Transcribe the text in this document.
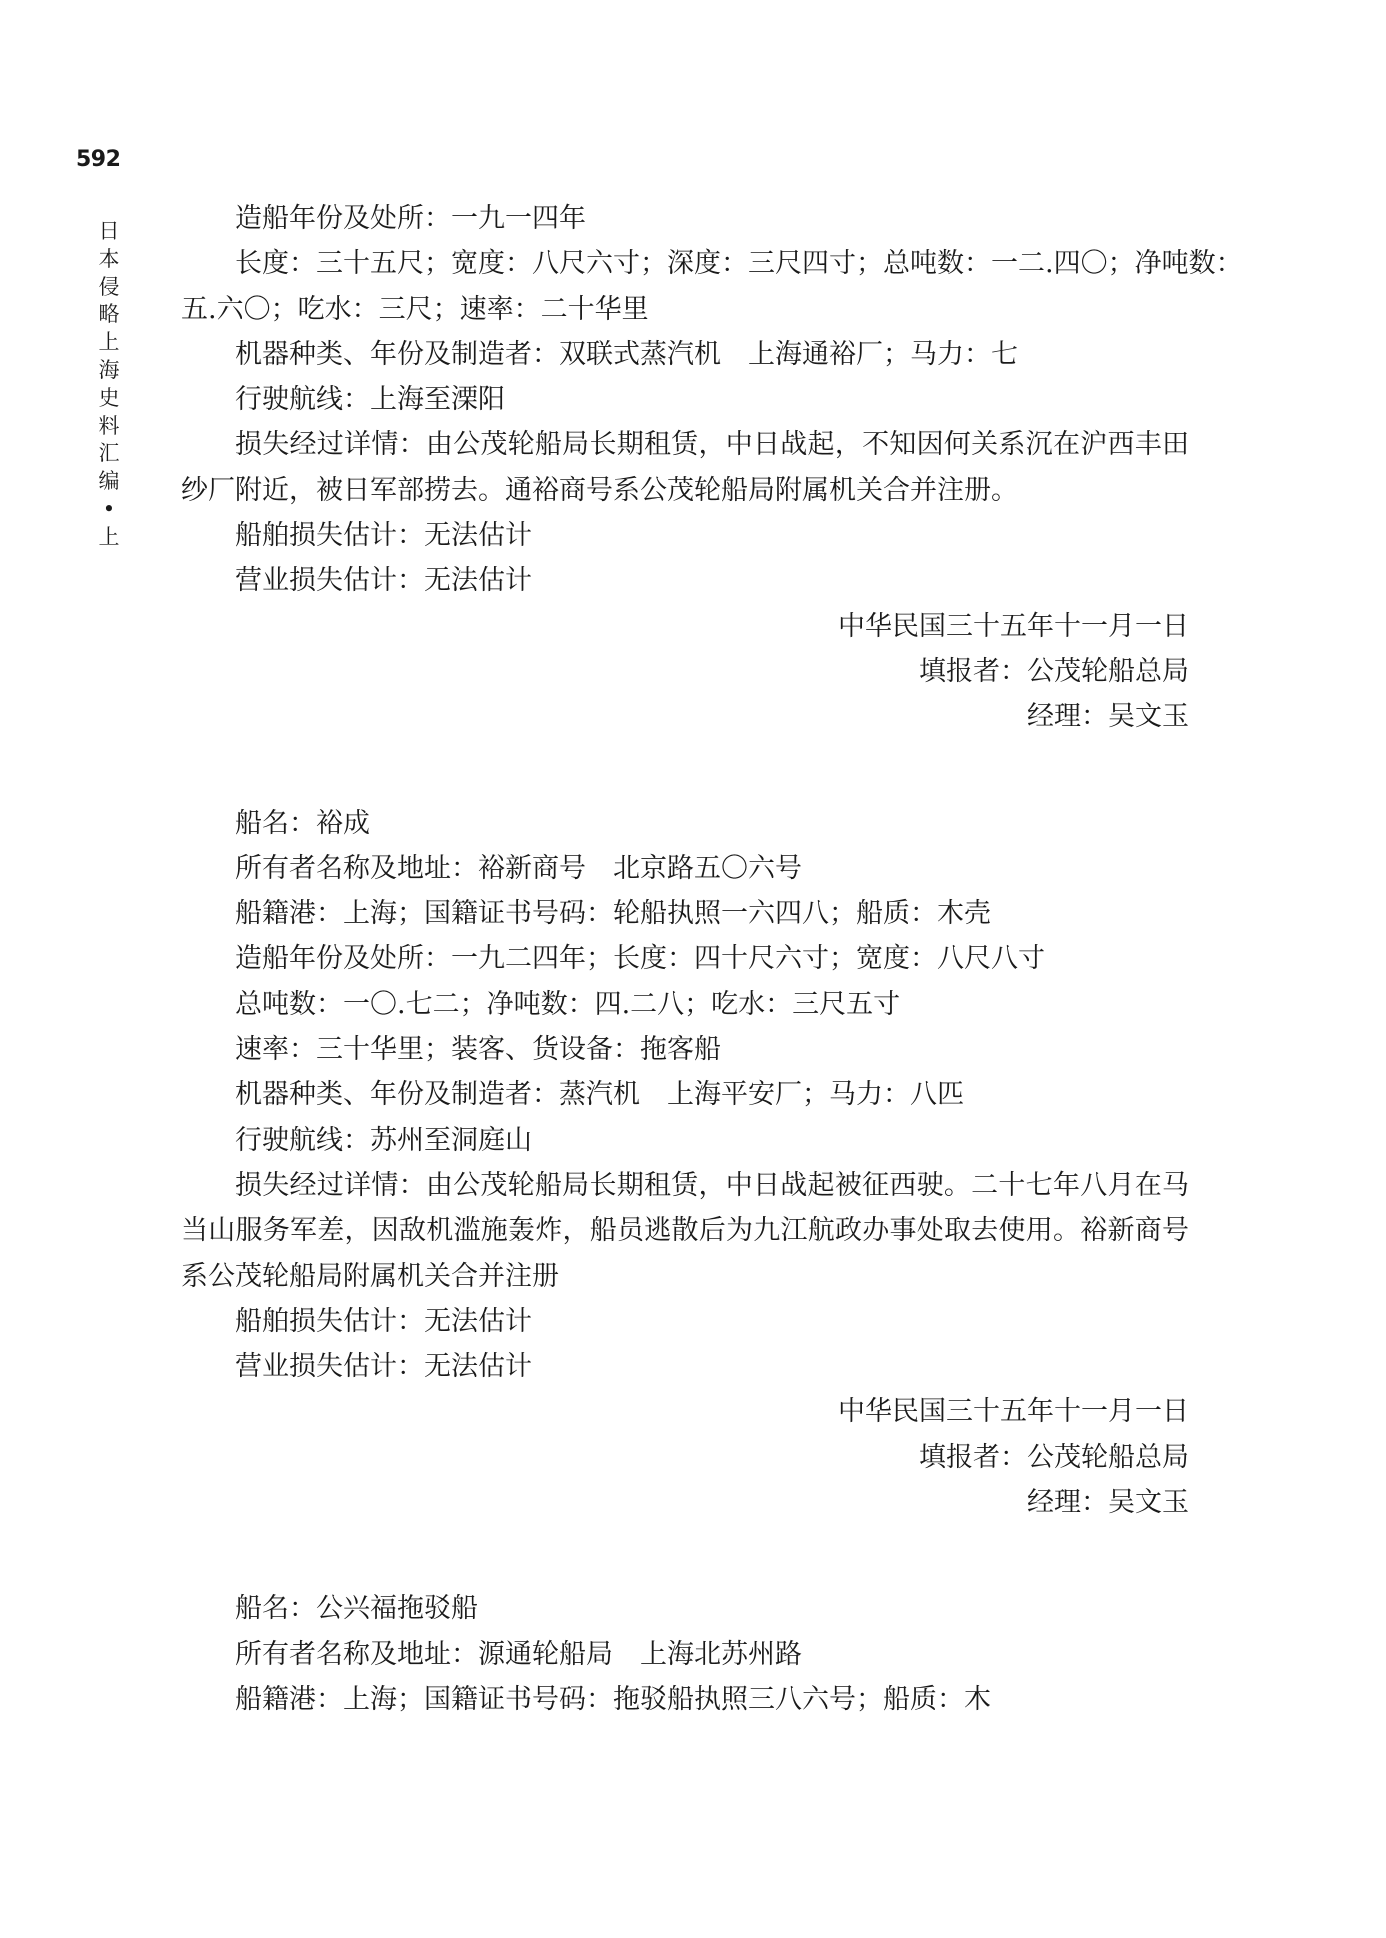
592
日本侵略上海史料汇编•上
造船年份及处所：一九一四年
长度：三十五尺；宽度：八尺六寸；深度：三尺四寸；总吨数：一二.四〇；净吨数：
五.六〇；吃水：三尺；速率：二十华里
机器种类、年份及制造者：双联式蒸汽机　上海通裕厂；马力：七
行驶航线：上海至溧阳
损失经过详情：由公茂轮船局长期租赁，中日战起，不知因何关系沉在沪西丰田纱厂附近，被日军部捞去。通裕商号系公茂轮船局附属机关合并注册。
船舶损失估计：无法估计
营业损失估计：无法估计
中华民国三十五年十一月一日
填报者：公茂轮船总局
经理：吴文玉
船名：裕成
所有者名称及地址：裕新商号　北京路五〇六号
船籍港：上海；国籍证书号码：轮船执照一六四八；船质：木壳
造船年份及处所：一九二四年；长度：四十尺六寸；宽度：八尺八寸
总吨数：一〇.七二；净吨数：四.二八；吃水：三尺五寸
速率：三十华里；装客、货设备：拖客船
机器种类、年份及制造者：蒸汽机　上海平安厂；马力：八匹
行驶航线：苏州至洞庭山
损失经过详情：由公茂轮船局长期租赁，中日战起被征西驶。二十七年八月在马当山服务军差，因敌机滥施轰炸，船员逃散后为九江航政办事处取去使用。裕新商号系公茂轮船局附属机关合并注册
船舶损失估计：无法估计
营业损失估计：无法估计
中华民国三十五年十一月一日
填报者：公茂轮船总局
经理：吴文玉
船名：公兴福拖驳船
所有者名称及地址：源通轮船局　上海北苏州路
船籍港：上海；国籍证书号码：拖驳船执照三八六号；船质：木
